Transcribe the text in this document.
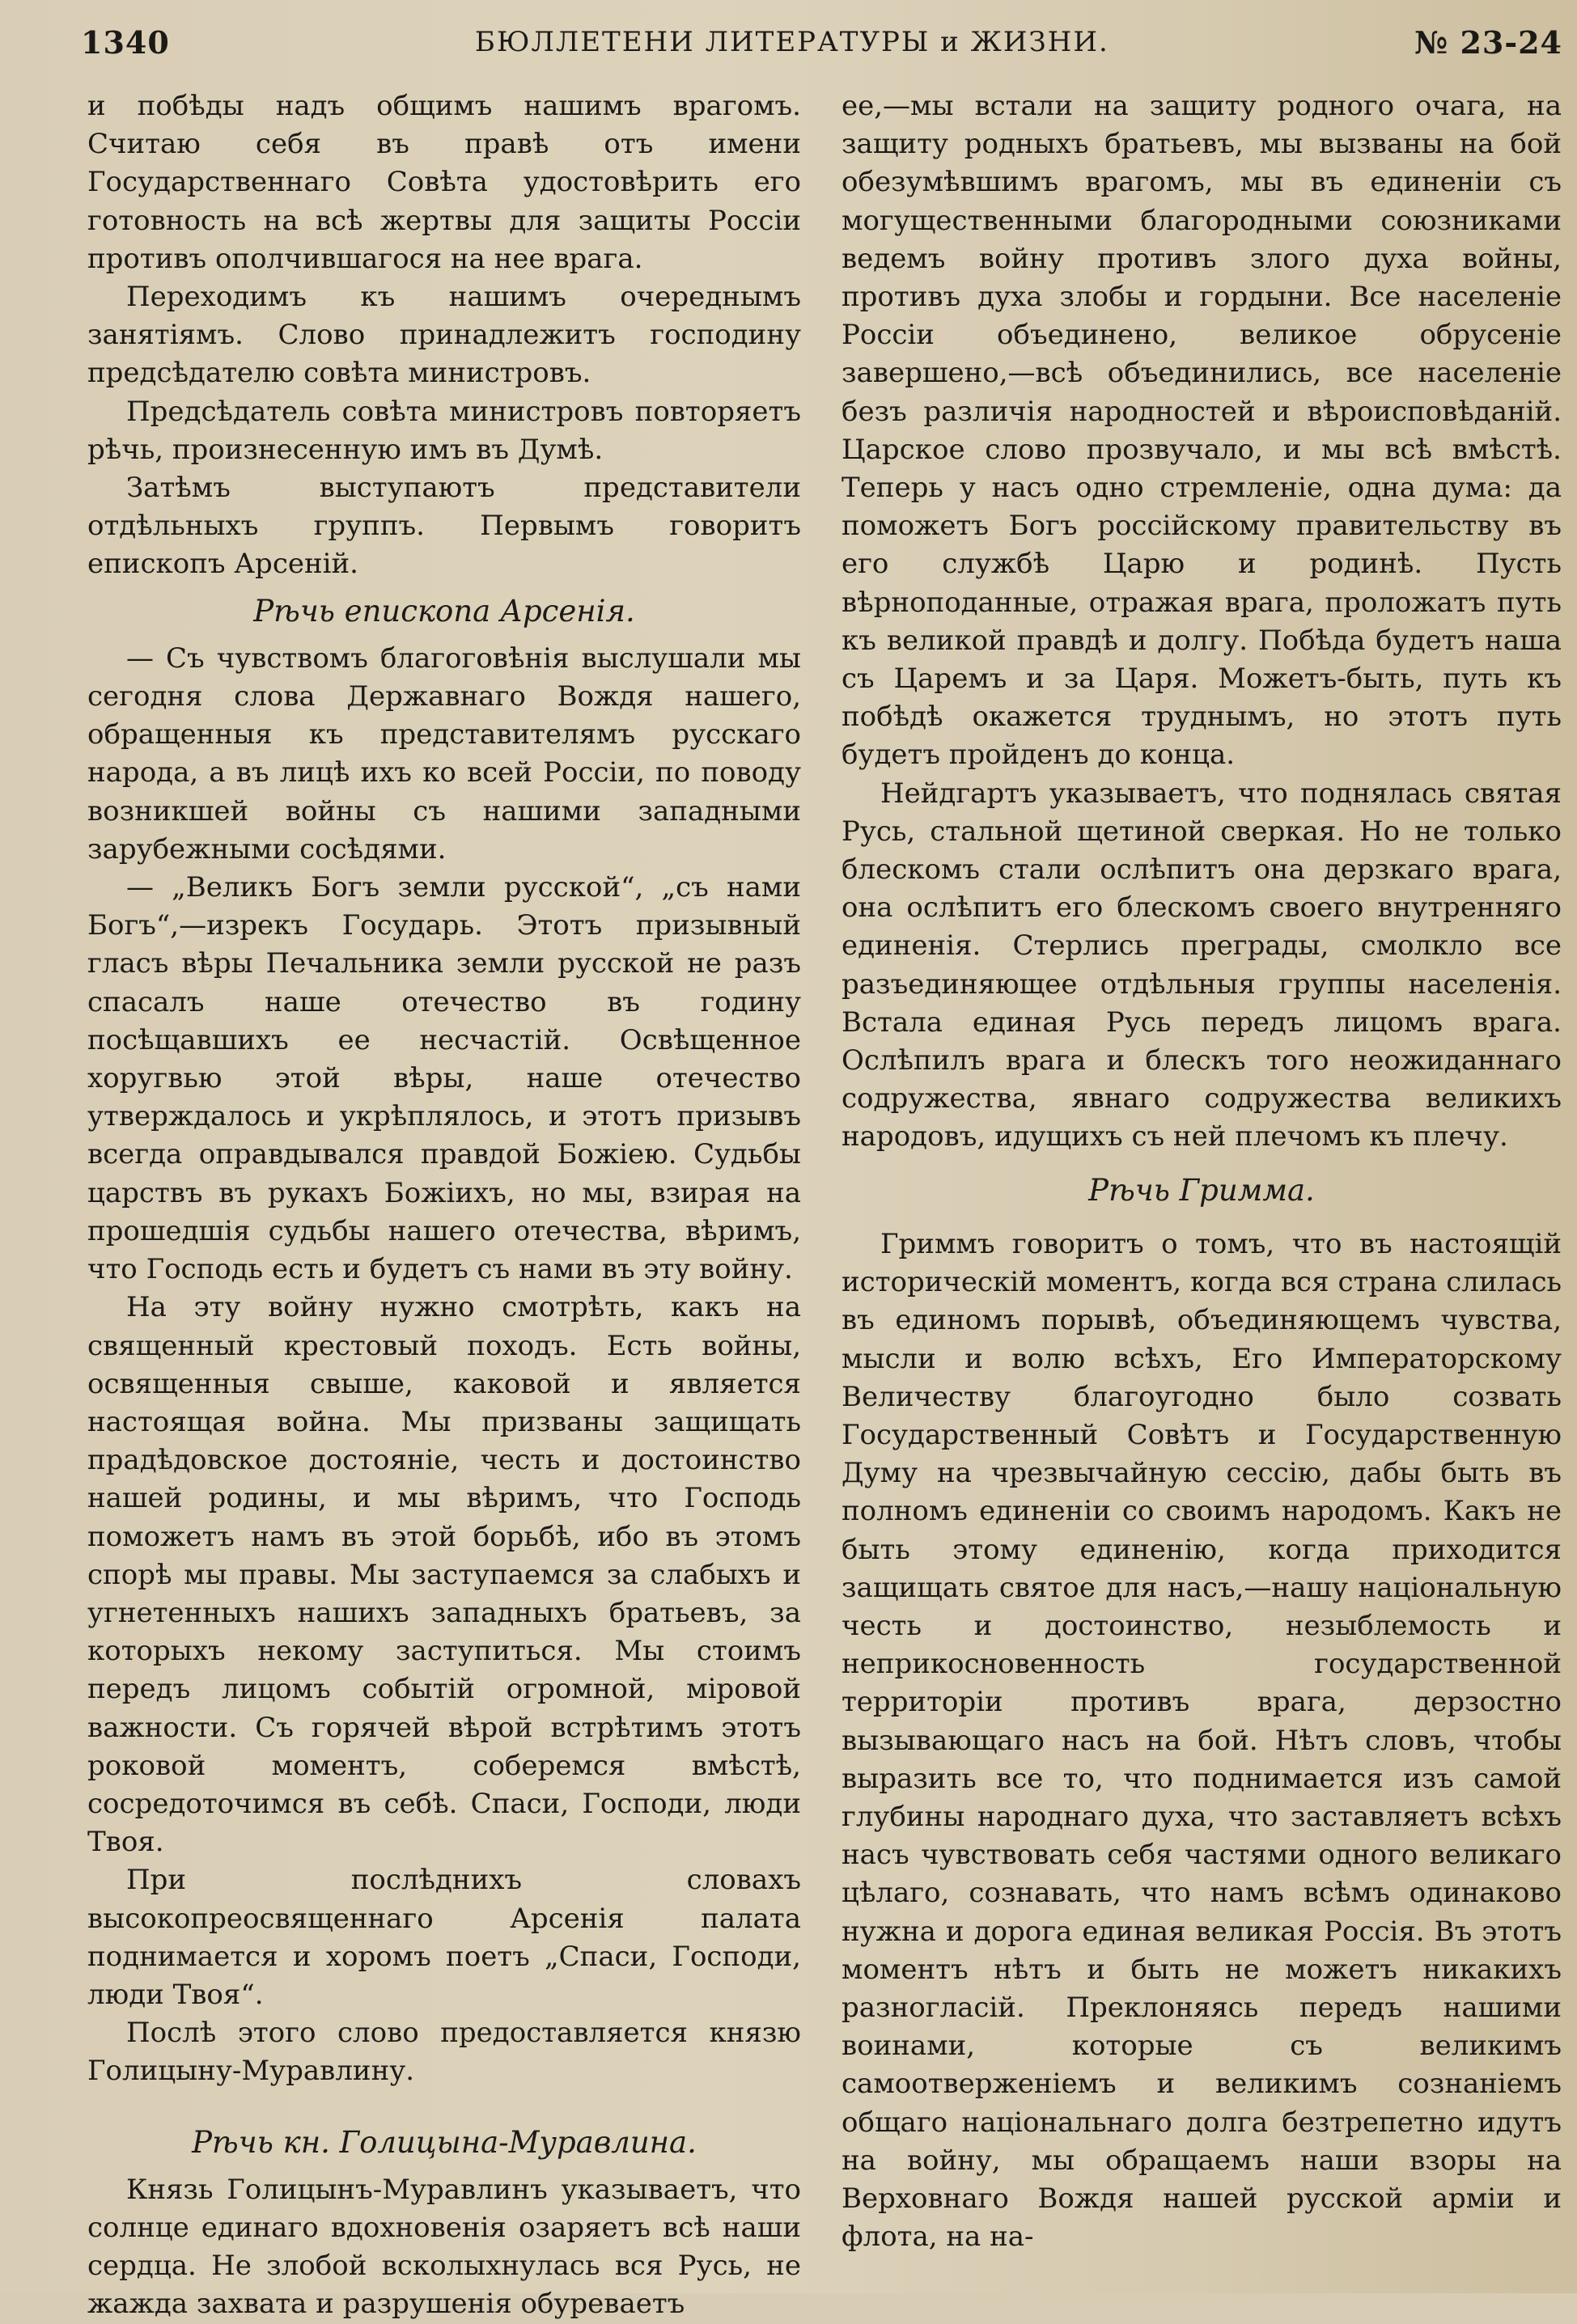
1340	БЮЛЛЕТЕНИ ЛИТЕРАТУРЫ и ЖИЗНИ.	№ 23-24

и побѣды надъ общимъ нашимъ врагомъ. Считаю себя въ правѣ отъ имени Государственнаго Совѣта удостовѣрить его готовность на всѣ жертвы для защиты Россіи противъ ополчившагося на нее врага.

Переходимъ къ нашимъ очереднымъ занятіямъ. Слово принадлежитъ господину предсѣдателю совѣта министровъ.

Предсѣдатель совѣта министровъ повторяетъ рѣчь, произнесенную имъ въ Думѣ.

Затѣмъ выступаютъ представители отдѣльныхъ группъ. Первымъ говоритъ епископъ Арсеній.

Рѣчь епископа Арсенія.

— Съ чувствомъ благоговѣнія выслушали мы сегодня слова Державнаго Вождя нашего, обращенныя къ представителямъ русскаго народа, а въ лицѣ ихъ ко всей Россіи, по поводу возникшей войны съ нашими западными зарубежными сосѣдями.

— „Великъ Богъ земли русской“, „съ нами Богъ“,—изрекъ Государь. Этотъ призывный гласъ вѣры Печальника земли русской не разъ спасалъ наше отечество въ годину посѣщавшихъ ее несчастій. Освѣщенное хоругвью этой вѣры, наше отечество утверждалось и укрѣплялось, и этотъ призывъ всегда оправдывался правдой Божіею. Судьбы царствъ въ рукахъ Божіихъ, но мы, взирая на прошедшія судьбы нашего отечества, вѣримъ, что Господь есть и будетъ съ нами въ эту войну.

На эту войну нужно смотрѣть, какъ на священный крестовый походъ. Есть войны, освященныя свыше, каковой и является настоящая война. Мы призваны защищать прадѣдовское достояніе, честь и достоинство нашей родины, и мы вѣримъ, что Господь поможетъ намъ въ этой борьбѣ, ибо въ этомъ спорѣ мы правы. Мы заступаемся за слабыхъ и угнетенныхъ нашихъ западныхъ братьевъ, за которыхъ некому заступиться. Мы стоимъ передъ лицомъ событій огромной, міровой важности. Съ горячей вѣрой встрѣтимъ этотъ роковой моментъ, соберемся вмѣстѣ, сосредоточимся въ себѣ. Спаси, Господи, люди Твоя.

При послѣднихъ словахъ высокопреосвященнаго Арсенія палата поднимается и хоромъ поетъ „Спаси, Господи, люди Твоя“.

Послѣ этого слово предоставляется князю Голицыну-Муравлину.

Рѣчь кн. Голицына-Муравлина.

Князь Голицынъ-Муравлинъ указываетъ, что солнце единаго вдохновенія озаряетъ всѣ наши сердца. Не злобой всколыхнулась вся Русь, не жажда захвата и разрушенія обуреваетъ

ее,—мы встали на защиту родного очага, на защиту родныхъ братьевъ, мы вызваны на бой обезумѣвшимъ врагомъ, мы въ единеніи съ могущественными благородными союзниками ведемъ войну противъ злого духа войны, противъ духа злобы и гордыни. Все населеніе Россіи объединено, великое обрусеніе завершено,—всѣ объединились, все населеніе безъ различія народностей и вѣроисповѣданій. Царское слово прозвучало, и мы всѣ вмѣстѣ. Теперь у насъ одно стремленіе, одна дума: да поможетъ Богъ россійскому правительству въ его службѣ Царю и родинѣ. Пусть вѣрноподанные, отражая врага, проложатъ путь къ великой правдѣ и долгу. Побѣда будетъ наша съ Царемъ и за Царя. Можетъ-быть, путь къ побѣдѣ окажется труднымъ, но этотъ путь будетъ пройденъ до конца.

Нейдгартъ указываетъ, что поднялась святая Русь, стальной щетиной сверкая. Но не только блескомъ стали ослѣпитъ она дерзкаго врага, она ослѣпитъ его блескомъ своего внутренняго единенія. Стерлись преграды, смолкло все разъединяющее отдѣльныя группы населенія. Встала единая Русь передъ лицомъ врага. Ослѣпилъ врага и блескъ того неожиданнаго содружества, явнаго содружества великихъ народовъ, идущихъ съ ней плечомъ къ плечу.

Рѣчь Гримма.

Гриммъ говоритъ о томъ, что въ настоящій историческій моментъ, когда вся страна слилась въ единомъ порывѣ, объединяющемъ чувства, мысли и волю всѣхъ, Его Императорскому Величеству благоугодно было созвать Государственный Совѣтъ и Государственную Думу на чрезвычайную сессію, дабы быть въ полномъ единеніи со своимъ народомъ. Какъ не быть этому единенію, когда приходится защищать святое для насъ,—нашу національную честь и достоинство, незыблемость и неприкосновенность государственной территоріи противъ врага, дерзостно вызывающаго насъ на бой. Нѣтъ словъ, чтобы выразить все то, что поднимается изъ самой глубины народнаго духа, что заставляетъ всѣхъ насъ чувствовать себя частями одного великаго цѣлаго, сознавать, что намъ всѣмъ одинаково нужна и дорога единая великая Россія. Въ этотъ моментъ нѣтъ и быть не можетъ никакихъ разногласій. Преклоняясь передъ нашими воинами, которые съ великимъ самоотверженіемъ и великимъ сознаніемъ общаго національнаго долга безтрепетно идутъ на войну, мы обращаемъ наши взоры на Верховнаго Вождя нашей русской арміи и флота, на на-
